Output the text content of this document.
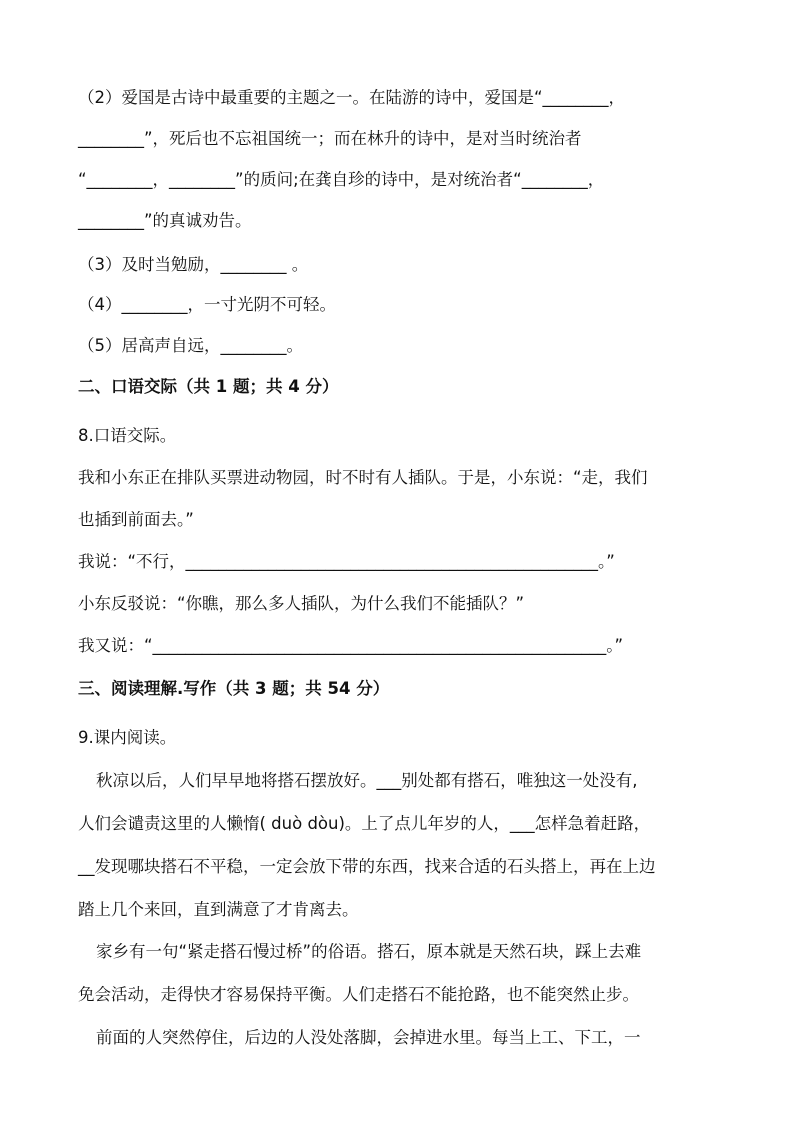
（2）爱国是古诗中最重要的主题之一。在陆游的诗中，爱国是“________，
________”，死后也不忘祖国统一；而在林升的诗中，是对当时统治者
“________，________”的质问;在龚自珍的诗中，是对统治者“________，
________”的真诚劝告。
（3）及时当勉励，________ 。
（4）________，一寸光阴不可轻。
（5）居高声自远，________。
二、口语交际（共 1 题；共 4 分）
8.口语交际。
我和小东正在排队买票进动物园，时不时有人插队。于是，小东说：“走，我们
也插到前面去。”
我说：“不行，__________________________________________________。”
小东反驳说：“你瞧，那么多人插队，为什么我们不能插队？”
我又说：“_______________________________________________________。”
三、阅读理解.写作（共 3 题；共 54 分）
9.课内阅读。
秋凉以后，人们早早地将搭石摆放好。___别处都有搭石，唯独这一处没有,
人们会谴责这里的人懒惰( duò dòu)。上了点儿年岁的人，___怎样急着赶路，
__发现哪块搭石不平稳，一定会放下带的东西，找来合适的石头搭上，再在上边
踏上几个来回，直到满意了才肯离去。
家乡有一句“紧走搭石慢过桥”的俗语。搭石，原本就是天然石块，踩上去难
免会活动，走得快才容易保持平衡。人们走搭石不能抢路，也不能突然止步。
前面的人突然停住，后边的人没处落脚，会掉进水里。每当上工、下工，一
